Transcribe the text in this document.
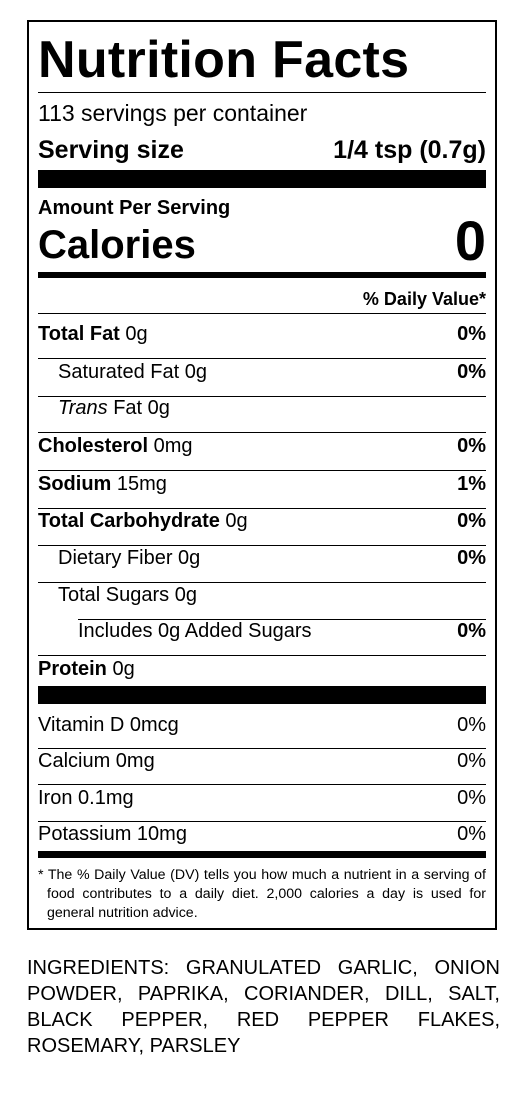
Nutrition Facts
113 servings per container
Serving size	1/4 tsp (0.7g)
Amount Per Serving
Calories	0
% Daily Value*
Total Fat 0g	0%
Saturated Fat 0g	0%
Trans Fat 0g
Cholesterol 0mg	0%
Sodium 15mg	1%
Total Carbohydrate 0g	0%
Dietary Fiber 0g	0%
Total Sugars 0g
Includes 0g Added Sugars	0%
Protein 0g
Vitamin D 0mcg	0%
Calcium 0mg	0%
Iron 0.1mg	0%
Potassium 10mg	0%
* The % Daily Value (DV) tells you how much a nutrient in a serving of food contributes to a daily diet. 2,000 calories a day is used for general nutrition advice.
INGREDIENTS: GRANULATED GARLIC, ONION POWDER, PAPRIKA, CORIANDER, DILL, SALT, BLACK PEPPER, RED PEPPER FLAKES, ROSEMARY, PARSLEY
